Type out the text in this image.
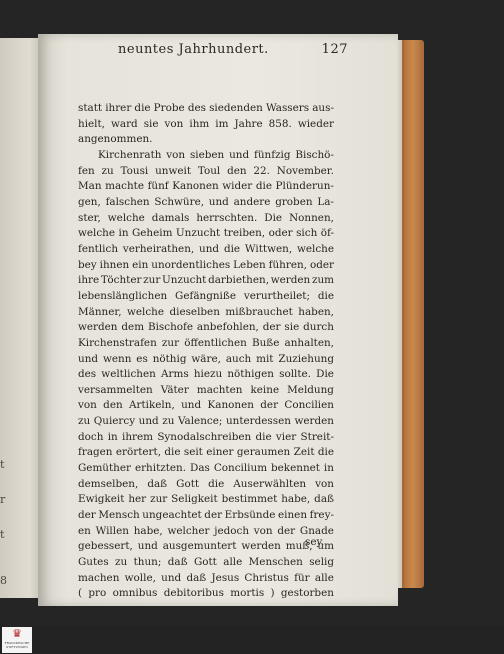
t
r
t
8
neuntes Jahrhundert.	127
statt ihrer die Probe des siedenden Wassers aus-
hielt, ward sie von ihm im Jahre 858. wieder
angenommen.
Kirchenrath von sieben und fünfzig Bischö-
fen zu Tousi unweit Toul den 22. November.
Man machte fünf Kanonen wider die Plünderun-
gen, falschen Schwüre, und andere groben La-
ster, welche damals herrschten. Die Nonnen,
welche in Geheim Unzucht treiben, oder sich öf-
fentlich verheirathen, und die Wittwen, welche
bey ihnen ein unordentliches Leben führen, oder
ihre Töchter zur Unzucht darbiethen, werden zum
lebenslänglichen Gefängniße verurtheilet; die
Männer, welche dieselben mißbrauchet haben,
werden dem Bischofe anbefohlen, der sie durch
Kirchenstrafen zur öffentlichen Buße anhalten,
und wenn es nöthig wäre, auch mit Zuziehung
des weltlichen Arms hiezu nöthigen sollte. Die
versammelten Väter machten keine Meldung
von den Artikeln, und Kanonen der Concilien
zu Quiercy und zu Valence; unterdessen werden
doch in ihrem Synodalschreiben die vier Streit-
fragen erörtert, die seit einer geraumen Zeit die
Gemüther erhitzten. Das Concilium bekennet in
demselben, daß Gott die Auserwählten von
Ewigkeit her zur Seligkeit bestimmet habe, daß
der Mensch ungeachtet der Erbsünde einen frey-
en Willen habe, welcher jedoch von der Gnade
gebessert, und ausgemuntert werden muß, um
Gutes zu thun; daß Gott alle Menschen selig
machen wolle, und daß Jesus Christus für alle
( pro omnibus debitoribus mortis ) gestorben
sey.
♛
FRANCKESCHE STIFTUNGEN
